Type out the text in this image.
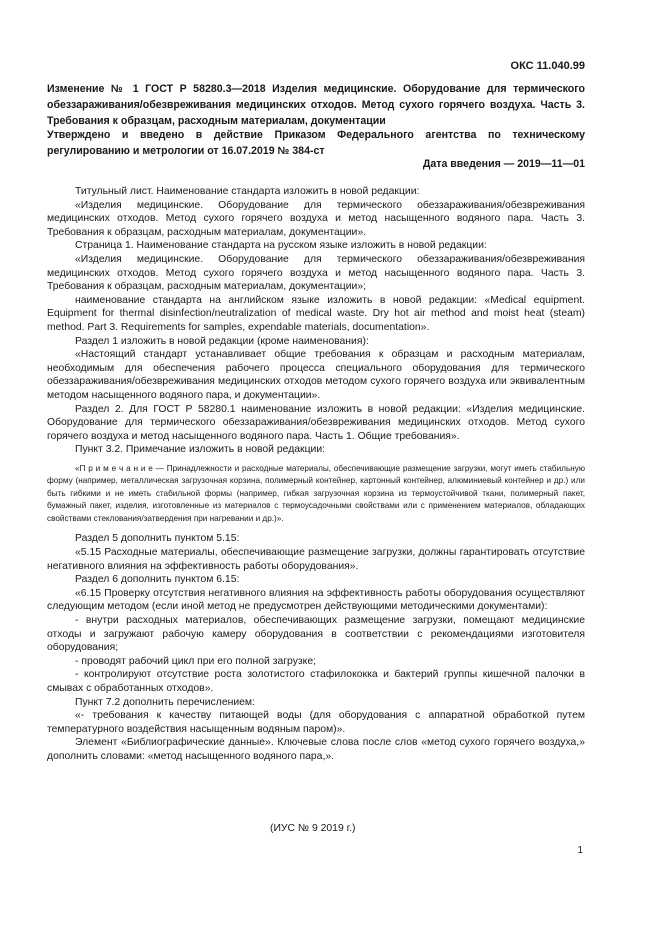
ОКС 11.040.99
Изменение № 1 ГОСТ Р 58280.3—2018 Изделия медицинские. Оборудование для термического обеззараживания/обезвреживания медицинских отходов. Метод сухого горячего воздуха. Часть 3. Требования к образцам, расходным материалам, документации
Утверждено и введено в действие Приказом Федерального агентства по техническому регулированию и метрологии от 16.07.2019 № 384-ст
Дата введения — 2019—11—01

Титульный лист. Наименование стандарта изложить в новой редакции:

«Изделия медицинские. Оборудование для термического обеззараживания/обезвреживания медицинских отходов. Метод сухого горячего воздуха и метод насыщенного водяного пара. Часть 3. Требования к образцам, расходным материалам, документации».

Страница 1. Наименование стандарта на русском языке изложить в новой редакции:

«Изделия медицинские. Оборудование для термического обеззараживания/обезвреживания медицинских отходов. Метод сухого горячего воздуха и метод насыщенного водяного пара. Часть 3. Требования к образцам, расходным материалам, документации»;

наименование стандарта на английском языке изложить в новой редакции: «Medical equipment. Equipment for thermal disinfection/neutralization of medical waste. Dry hot air method and moist heat (steam) method. Part 3. Requirements for samples, expendable materials, documentation».

Раздел 1 изложить в новой редакции (кроме наименования):

«Настоящий стандарт устанавливает общие требования к образцам и расходным материалам, необходимым для обеспечения рабочего процесса специального оборудования для термического обеззараживания/обезвреживания медицинских отходов методом сухого горячего воздуха или эквивалентным методом насыщенного водяного пара, и документации».

Раздел 2. Для ГОСТ Р 58280.1 наименование изложить в новой редакции: «Изделия медицинские. Оборудование для термического обеззараживания/обезвреживания медицинских отходов. Метод сухого горячего воздуха и метод насыщенного водяного пара. Часть 1. Общие требования».

Пункт 3.2. Примечание изложить в новой редакции:

«П р и м е ч а н и е — Принадлежности и расходные материалы, обеспечивающие размещение загрузки, могут иметь стабильную форму (например, металлическая загрузочная корзина, полимерный контейнер, картонный контейнер, алюминиевый контейнер и др.) или быть гибкими и не иметь стабильной формы (например, гибкая загрузочная корзина из термоустойчивой ткани, полимерный пакет, бумажный пакет, изделия, изготовленные из материалов с термоусадочными свойствами или с применением материалов, обладающих свойствами стеклования/затвердения при нагревании и др.)».

Раздел 5 дополнить пунктом 5.15:

«5.15 Расходные материалы, обеспечивающие размещение загрузки, должны гарантировать отсутствие негативного влияния на эффективность работы оборудования».

Раздел 6 дополнить пунктом 6.15:

«6.15 Проверку отсутствия негативного влияния на эффективность работы оборудования осуществляют следующим методом (если иной метод не предусмотрен действующими методическими документами):

- внутри расходных материалов, обеспечивающих размещение загрузки, помещают медицинские отходы и загружают рабочую камеру оборудования в соответствии с рекомендациями изготовителя оборудования;

- проводят рабочий цикл при его полной загрузке;

- контролируют отсутствие роста золотистого стафилококка и бактерий группы кишечной палочки в смывах с обработанных отходов».

Пункт 7.2 дополнить перечислением:

«- требования к качеству питающей воды (для оборудования с аппаратной обработкой путем температурного воздействия насыщенным водяным паром)».

Элемент «Библиографические данные». Ключевые слова после слов «метод сухого горячего воздуха,» дополнить словами: «метод насыщенного водяного пара,».

(ИУС № 9 2019 г.)
1
